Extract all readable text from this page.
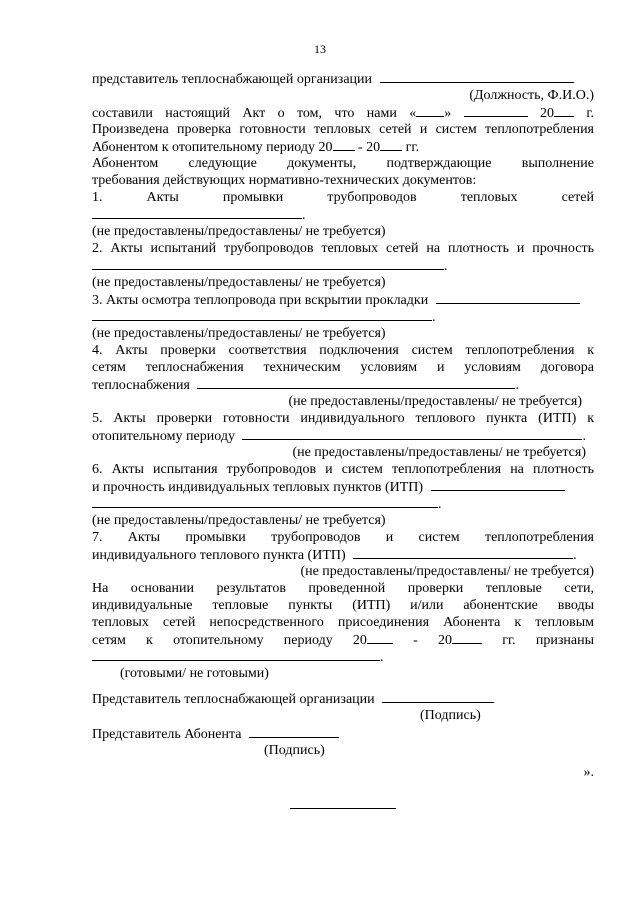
13
представитель теплоснабжающей организации
(Должность, Ф.И.О.)
составили настоящий Акт о том, что нами « »	20 г.
Произведена проверка готовности тепловых сетей и систем теплопотребления
Абонентом к отопительному периоду 20 - 20 гг.
Абонентом следующие документы, подтверждающие выполнение
требования действующих нормативно-технических документов:
1. Акты промывки трубопроводов тепловых сетей
.
(не предоставлены/предоставлены/ не требуется)
2. Акты испытаний трубопроводов тепловых сетей на плотность и прочность
.
(не предоставлены/предоставлены/ не требуется)
3. Акты осмотра теплопровода при вскрытии прокладки
.
(не предоставлены/предоставлены/ не требуется)
4. Акты проверки соответствия подключения систем теплопотребления к
сетям теплоснабжения техническим условиям и условиям договора
теплоснабжения	.
(не предоставлены/предоставлены/ не требуется)
5. Акты проверки готовности индивидуального теплового пункта (ИТП) к
отопительному периоду	.
(не предоставлены/предоставлены/ не требуется)
6. Акты испытания трубопроводов и систем теплопотребления на плотность
и прочность индивидуальных тепловых пунктов (ИТП)
.
(не предоставлены/предоставлены/ не требуется)
7. Акты промывки трубопроводов и систем теплопотребления
индивидуального теплового пункта (ИТП)	.
(не предоставлены/предоставлены/ не требуется)
На основании результатов проведенной проверки тепловые сети,
индивидуальные тепловые пункты (ИТП) и/или абонентские вводы
тепловых сетей непосредственного присоединения Абонента к тепловым
сетям к отопительному периоду 20	- 20	гг. признаны
.
(готовыми/ не готовыми)
Представитель теплоснабжающей организации
(Подпись)
Представитель Абонента
(Подпись)
».
